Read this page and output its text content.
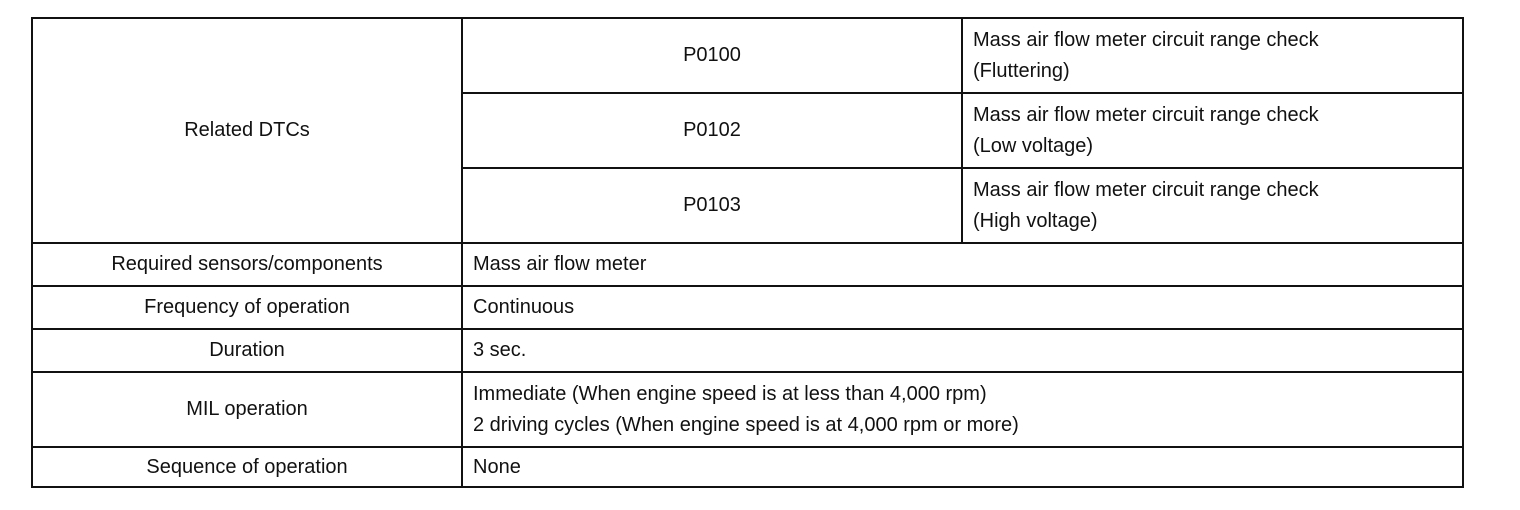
Related DTCs	P0100	Mass air flow meter circuit range check
(Fluttering)

	P0102	Mass air flow meter circuit range check
(Low voltage)

	P0103	Mass air flow meter circuit range check
(High voltage)

Required sensors/components	Mass air flow meter	
Frequency of operation	Continuous	
Duration	3 sec.	
MIL operation	Immediate (When engine speed is at less than 4,000 rpm)
2 driving cycles (When engine speed is at 4,000 rpm or more)	

Sequence of operation	None	
